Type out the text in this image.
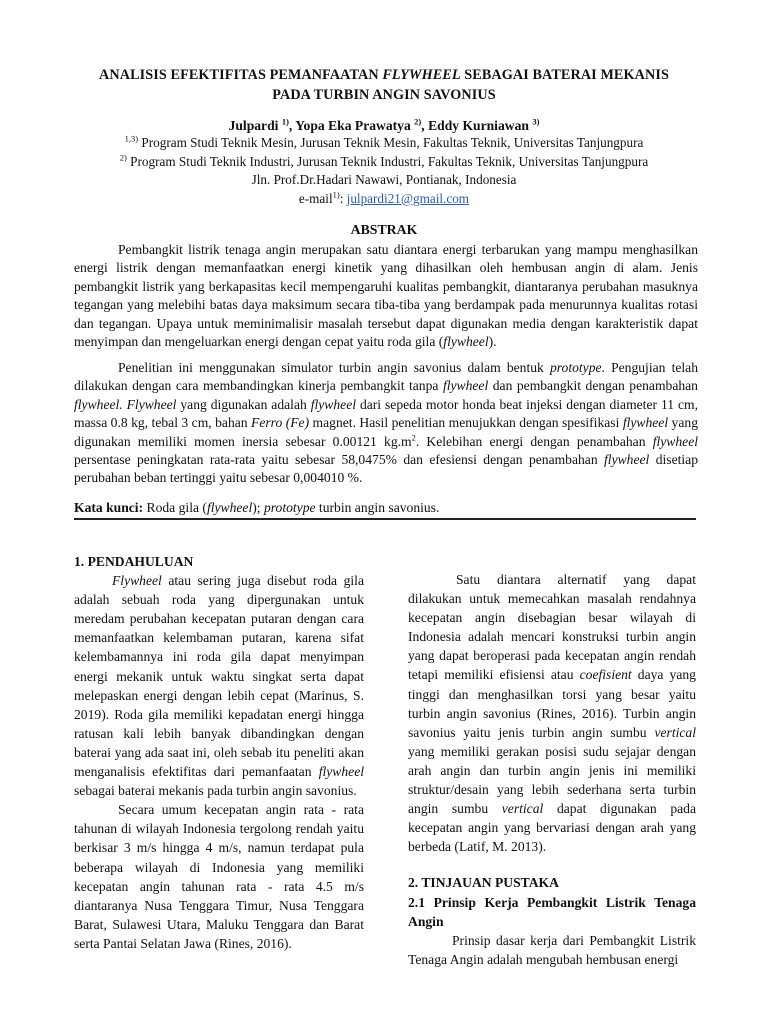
ANALISIS EFEKTIFITAS PEMANFAATAN FLYWHEEL SEBAGAI BATERAI MEKANIS
PADA TURBIN ANGIN SAVONIUS
Julpardi $^{1)}$, Yopa Eka Prawatya $^{2)}$, Eddy Kurniawan $^{3)}$
$^{1,3)}$ Program Studi Teknik Mesin, Jurusan Teknik Mesin, Fakultas Teknik, Universitas Tanjungpura
$^{2)}$ Program Studi Teknik Industri, Jurusan Teknik Industri, Fakultas Teknik, Universitas Tanjungpura
Jln. Prof.Dr.Hadari Nawawi, Pontianak, Indonesia
e-mail$^{1)}$: julpardi21@gmail.com
ABSTRAK

Pembangkit listrik tenaga angin merupakan satu diantara energi terbarukan yang mampu menghasilkan energi listrik dengan memanfaatkan energi kinetik yang dihasilkan oleh hembusan angin di alam. Jenis pembangkit listrik yang berkapasitas kecil mempengaruhi kualitas pembangkit, diantaranya perubahan masuknya tegangan yang melebihi batas daya maksimum secara tiba-tiba yang berdampak pada menurunnya kualitas rotasi dan tegangan. Upaya untuk meminimalisir masalah tersebut dapat digunakan media dengan karakteristik dapat menyimpan dan mengeluarkan energi dengan cepat yaitu roda gila (flywheel).

Penelitian ini menggunakan simulator turbin angin savonius dalam bentuk prototype. Pengujian telah dilakukan dengan cara membandingkan kinerja pembangkit tanpa flywheel dan pembangkit dengan penambahan flywheel. Flywheel yang digunakan adalah flywheel dari sepeda motor honda beat injeksi dengan diameter 11 cm, massa 0.8 kg, tebal 3 cm, bahan Ferro (Fe) magnet. Hasil penelitian menujukkan dengan spesifikasi flywheel yang digunakan memiliki momen inersia sebesar 0.00121 $kg.m^2$. Kelebihan energi dengan penambahan flywheel persentase peningkatan rata-rata yaitu sebesar 58,0475% dan efesiensi dengan penambahan flywheel disetiap perubahan beban tertinggi yaitu sebesar 0,004010 %.

Kata kunci: Roda gila (flywheel); prototype turbin angin savonius.
1. PENDAHULUAN

Flywheel atau sering juga disebut roda gila adalah sebuah roda yang dipergunakan untuk meredam perubahan kecepatan putaran dengan cara memanfaatkan kelembaman putaran, karena sifat kelembamannya ini roda gila dapat menyimpan energi mekanik untuk waktu singkat serta dapat melepaskan energi dengan lebih cepat (Marinus, S. 2019). Roda gila memiliki kepadatan energi hingga ratusan kali lebih banyak dibandingkan dengan baterai yang ada saat ini, oleh sebab itu peneliti akan menganalisis efektifitas dari pemanfaatan flywheel sebagai baterai mekanis pada turbin angin savonius.

Secara umum kecepatan angin rata - rata tahunan di wilayah Indonesia tergolong rendah yaitu berkisar 3 m/s hingga 4 m/s, namun terdapat pula beberapa wilayah di Indonesia yang memiliki kecepatan angin tahunan rata - rata 4.5 m/s diantaranya Nusa Tenggara Timur, Nusa Tenggara Barat, Sulawesi Utara, Maluku Tenggara dan Barat serta Pantai Selatan Jawa (Rines, 2016).

Satu diantara alternatif yang dapat dilakukan untuk memecahkan masalah rendahnya kecepatan angin disebagian besar wilayah di Indonesia adalah mencari konstruksi turbin angin yang dapat beroperasi pada kecepatan angin rendah tetapi memiliki efisiensi atau coefisient daya yang tinggi dan menghasilkan torsi yang besar yaitu turbin angin savonius (Rines, 2016). Turbin angin savonius yaitu jenis turbin angin sumbu vertical yang memiliki gerakan posisi sudu sejajar dengan arah angin dan turbin angin jenis ini memiliki struktur/desain yang lebih sederhana serta turbin angin sumbu vertical dapat digunakan pada kecepatan angin yang bervariasi dengan arah yang berbeda (Latif, M. 2013).

2. TINJAUAN PUSTAKA
2.1 Prinsip Kerja Pembangkit Listrik Tenaga Angin

Prinsip dasar kerja dari Pembangkit Listrik Tenaga Angin adalah mengubah hembusan energi
